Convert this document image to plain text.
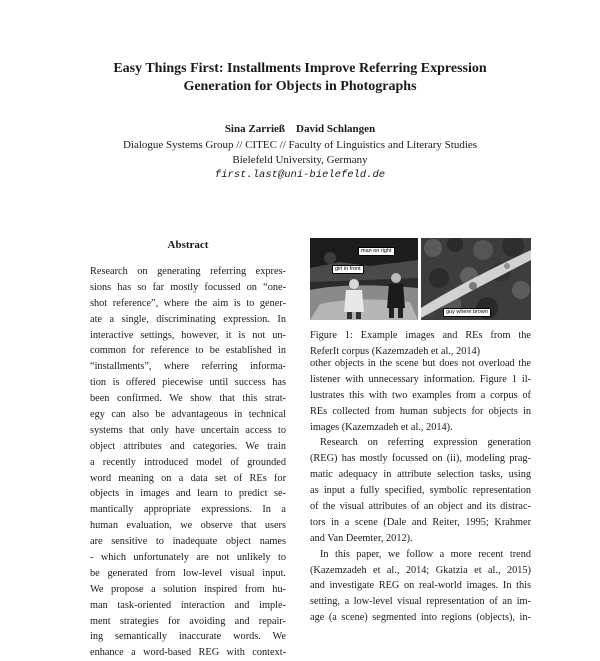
Easy Things First: Installments Improve Referring Expression
Generation for Objects in Photographs
Sina Zarrieß    David Schlangen
Dialogue Systems Group // CITEC // Faculty of Linguistics and Literary Studies
Bielefeld University, Germany
first.last@uni-bielefeld.de
Abstract
Research on generating referring expres-
sions has so far mostly focussed on “one-
shot reference”, where the aim is to gener-
ate a single, discriminating expression. In
interactive settings, however, it is not un-
common for reference to be established in
“installments”, where referring informa-
tion is offered piecewise until success has
been confirmed. We show that this strat-
egy can also be advantageous in technical
systems that only have uncertain access to
object attributes and categories. We train
a recently introduced model of grounded
word meaning on a data set of REs for
objects in images and learn to predict se-
mantically appropriate expressions. In a
human evaluation, we observe that users
are sensitive to inadequate object names
- which unfortunately are not unlikely to
be generated from low-level visual input.
We propose a solution inspired from hu-
man task-oriented interaction and imple-
ment strategies for avoiding and repair-
ing semantically inaccurate words. We
enhance a word-based REG with context-
man on right
girl in front
guy where brown
Figure 1: Example images and REs from the
ReferIt corpus (Kazemzadeh et al., 2014)
other objects in the scene but does not overload the
listener with unnecessary information. Figure 1 il-
lustrates this with two examples from a corpus of
REs collected from human subjects for objects in
images (Kazemzadeh et al., 2014).
Research on referring expression generation
(REG) has mostly focussed on (ii), modeling prag-
matic adequacy in attribute selection tasks, using
as input a fully specified, symbolic representation
of the visual attributes of an object and its distrac-
tors in a scene (Dale and Reiter, 1995; Krahmer
and Van Deemter, 2012).
In this paper, we follow a more recent trend
(Kazemzadeh et al., 2014; Gkatzia et al., 2015)
and investigate REG on real-world images. In this
setting, a low-level visual representation of an im-
age (a scene) segmented into regions (objects), in-
